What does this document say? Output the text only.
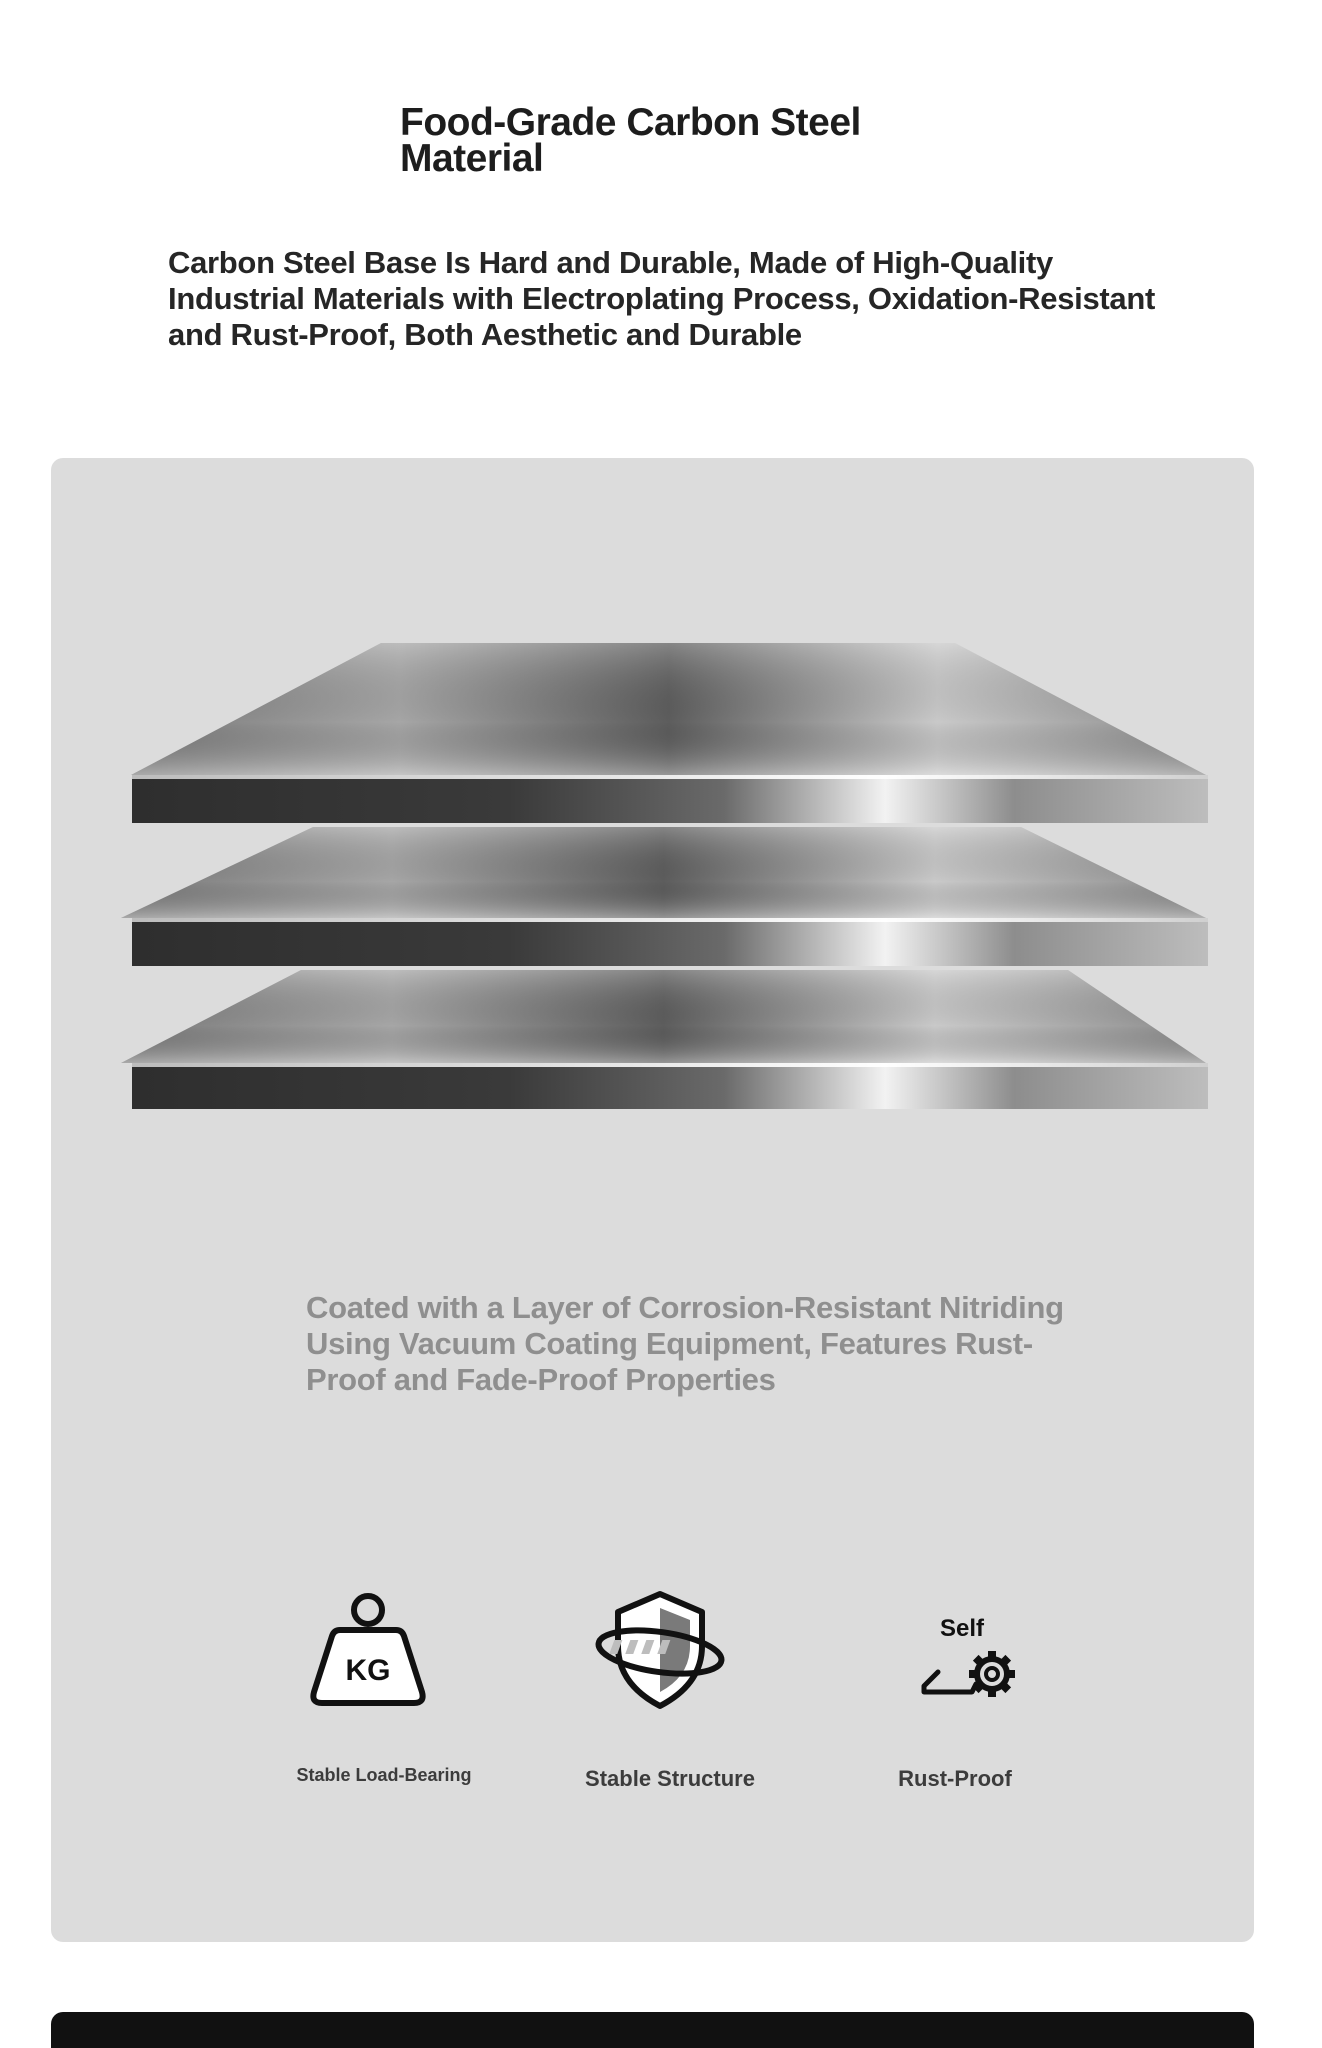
Food-Grade Carbon Steel Material
Carbon Steel Base Is Hard and Durable, Made of High-Quality Industrial Materials with Electroplating Process, Oxidation-Resistant and Rust-Proof, Both Aesthetic and Durable
Coated with a Layer of Corrosion-Resistant Nitriding Using Vacuum Coating Equipment, Features Rust-Proof and Fade-Proof Properties
KG
Stable Load-Bearing	Stable Structure
Self
Rust-Proof
